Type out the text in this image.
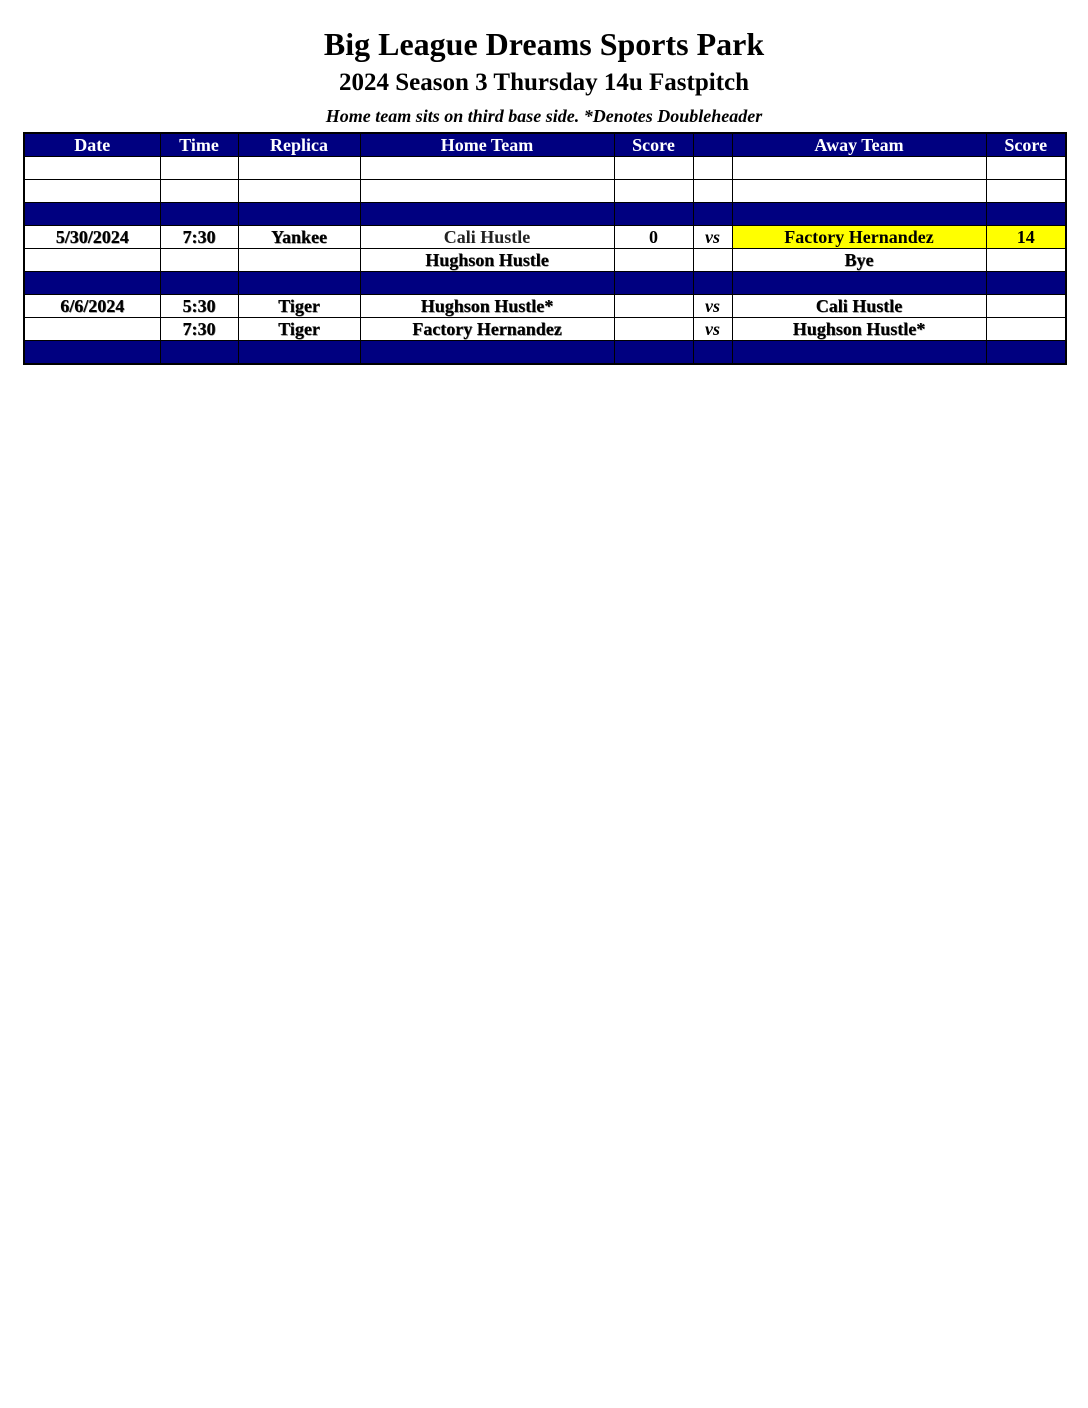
Big League Dreams Sports Park
2024 Season 3 Thursday 14u Fastpitch
Home team sits on third base side. *Denotes Doubleheader
Date	Time	Replica	Home Team	Score		Away Team	Score

5/30/2024	7:30	Yankee	Cali Hustle	0	vs	Factory Hernandez	14
			Hughson Hustle			Bye	

6/6/2024	5:30	Tiger	Hughson Hustle*		vs	Cali Hustle	
	7:30	Tiger	Factory Hernandez		vs	Hughson Hustle*	
